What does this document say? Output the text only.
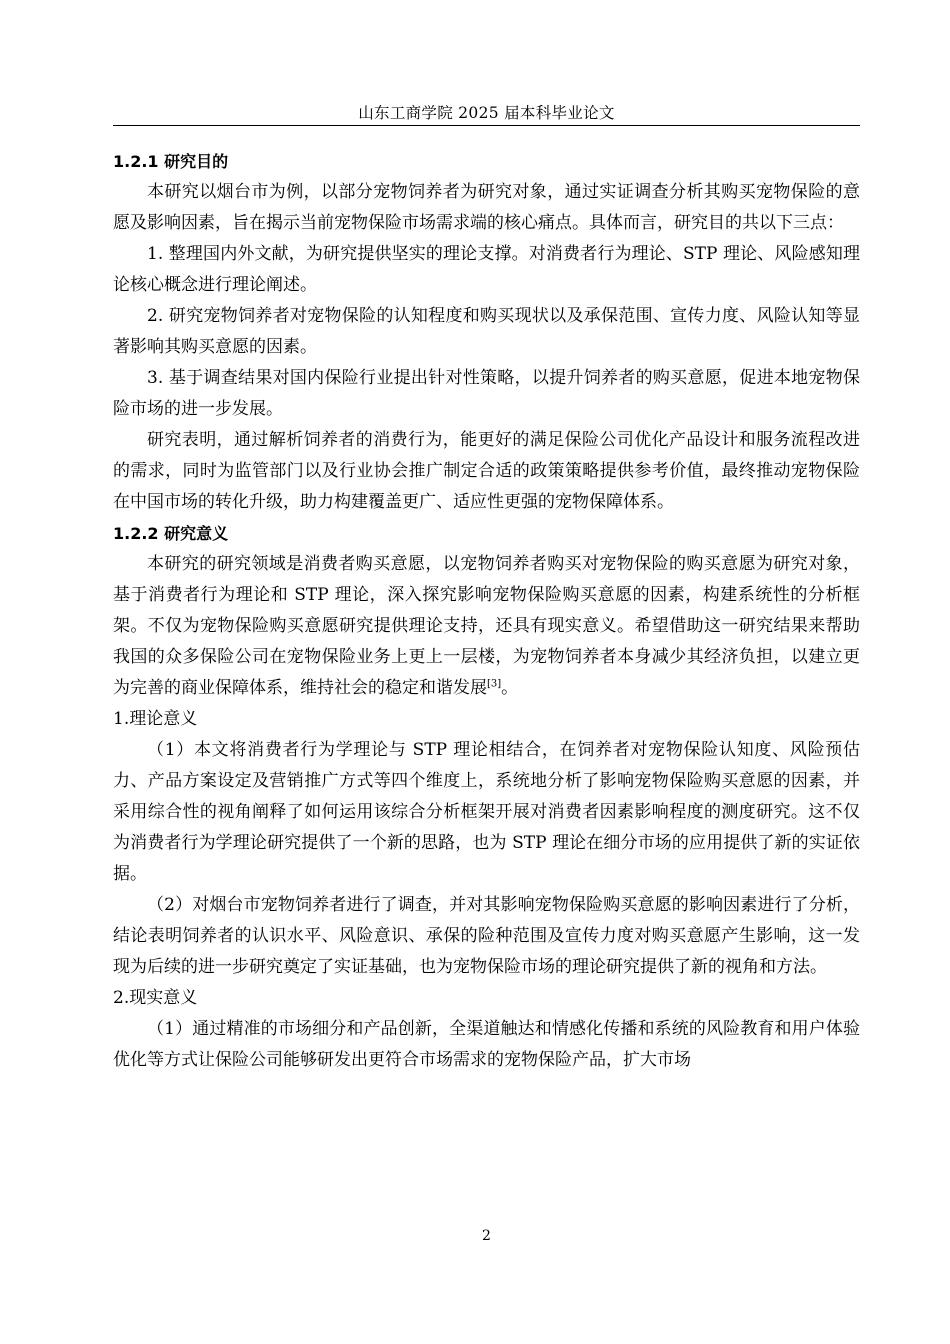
山东工商学院 2025 届本科毕业论文

1.2.1 研究目的

本研究以烟台市为例，以部分宠物饲养者为研究对象，通过实证调查分析其购买宠物保险的意愿及影响因素，旨在揭示当前宠物保险市场需求端的核心痛点。具体而言，研究目的共以下三点：

1. 整理国内外文献，为研究提供坚实的理论支撑。对消费者行为理论、STP 理论、风险感知理论核心概念进行理论阐述。

2. 研究宠物饲养者对宠物保险的认知程度和购买现状以及承保范围、宣传力度、风险认知等显著影响其购买意愿的因素。

3. 基于调查结果对国内保险行业提出针对性策略，以提升饲养者的购买意愿，促进本地宠物保险市场的进一步发展。

研究表明，通过解析饲养者的消费行为，能更好的满足保险公司优化产品设计和服务流程改进的需求，同时为监管部门以及行业协会推广制定合适的政策策略提供参考价值，最终推动宠物保险在中国市场的转化升级，助力构建覆盖更广、适应性更强的宠物保障体系。

1.2.2 研究意义

本研究的研究领域是消费者购买意愿，以宠物饲养者购买对宠物保险的购买意愿为研究对象，基于消费者行为理论和 STP 理论，深入探究影响宠物保险购买意愿的因素，构建系统性的分析框架。不仅为宠物保险购买意愿研究提供理论支持，还具有现实意义。希望借助这一研究结果来帮助我国的众多保险公司在宠物保险业务上更上一层楼，为宠物饲养者本身减少其经济负担，以建立更为完善的商业保障体系，维持社会的稳定和谐发展[3]。

1.理论意义

（1）本文将消费者行为学理论与 STP 理论相结合，在饲养者对宠物保险认知度、风险预估力、产品方案设定及营销推广方式等四个维度上，系统地分析了影响宠物保险购买意愿的因素，并采用综合性的视角阐释了如何运用该综合分析框架开展对消费者因素影响程度的测度研究。这不仅为消费者行为学理论研究提供了一个新的思路，也为 STP 理论在细分市场的应用提供了新的实证依据。

（2）对烟台市宠物饲养者进行了调查，并对其影响宠物保险购买意愿的影响因素进行了分析，结论表明饲养者的认识水平、风险意识、承保的险种范围及宣传力度对购买意愿产生影响，这一发现为后续的进一步研究奠定了实证基础，也为宠物保险市场的理论研究提供了新的视角和方法。

2.现实意义

（1）通过精准的市场细分和产品创新，全渠道触达和情感化传播和系统的风险教育和用户体验优化等方式让保险公司能够研发出更符合市场需求的宠物保险产品，扩大市场

2
